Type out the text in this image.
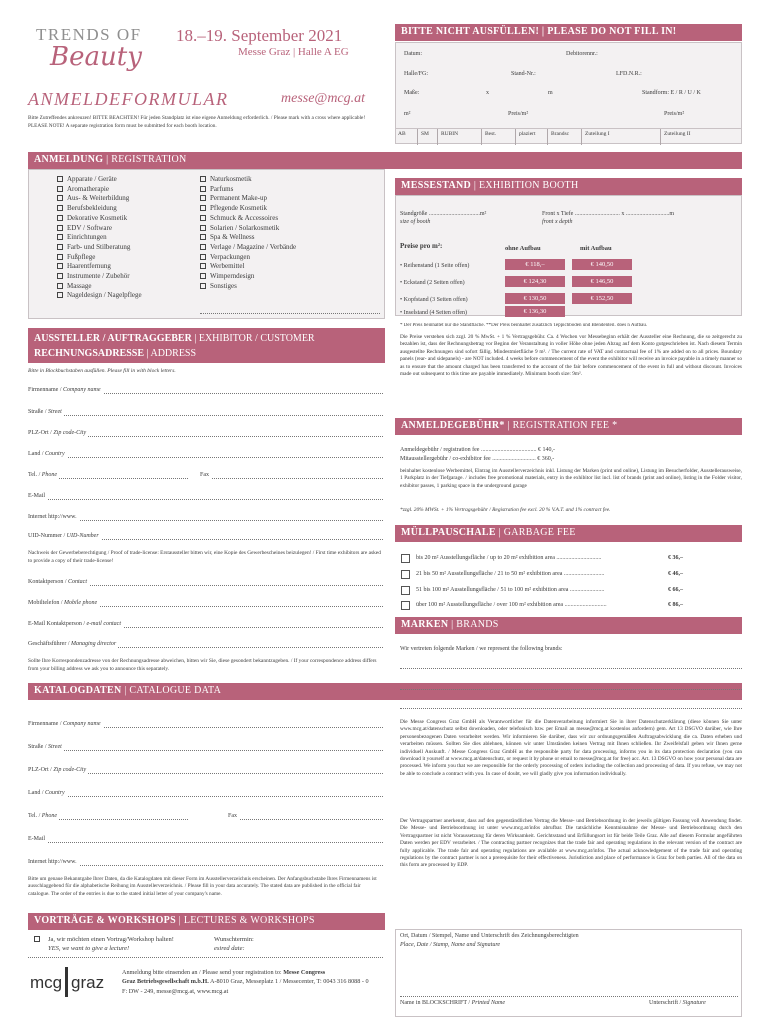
TRENDS OF
Beauty
18.–19. September 2021
Messe Graz | Halle A EG
ANMELDEFORMULAR	messe@mcg.at
Bitte Zutreffendes ankreuzen! BITTE BEACHTEN! Für jeden Standplatz ist eine eigene Anmeldung erforderlich. / Please mark with a cross where applicable! PLEASE NOTE! A separate registration form must be submitted for each booth location.
BITTE NICHT AUSFÜLLEN! | PLEASE DO NOT FILL IN!
Datum:	Debitorennr.:
Halle/FG:	Stand-Nr.:	LFD.N.R.:
Maße:	x	m	Standform: E / R / U / K
m²	Preis/m²	Preis/m²
AB	SM	RUBIN	Best.	plaziert	Brandsc	Zuteilung I	Zuteilung II
ANMELDUNG | REGISTRATION
Apparate / Geräte
Aromatherapie
Aus- & Weiterbildung
Berufsbekleidung
Dekorative Kosmetik
EDV / Software
Einrichtungen
Farb- und Stilberatung
Fußpflege
Haarentfernung
Instrumente / Zubehör
Massage
Nageldesign / Nagelpflege
Naturkosmetik
Parfums
Permanent Make-up
Pflegende Kosmetik
Schmuck & Accessoires
Solarien / Solarkosmetik
Spa & Wellness
Verlage / Magazine / Verbände
Verpackungen
Werbemittel
Wimperndesign
Sonstiges
AUSSTELLER / AUFTRAGGEBER | EXHIBITOR / CUSTOMER
RECHNUNGSADRESSE | ADDRESS
Bitte in Blockbuchstaben ausfüllen. Please fill in with block letters.
Firmenname / Company name
Straße / Street
PLZ-Ort / Zip code-City
Land / Country
Tel. / Phone	Fax
E-Mail
Internet http://www.
UID-Nummer / UID-Number
Nachweis der Gewerbeberechtigung / Proof of trade-license: Erstaussteller bitten wir, eine Kopie des Gewerbescheines beizulegen! / First time exhibitors are asked to provide a copy of their trade-license!
Kontaktperson / Contact
Mobiltelefon / Mobile phone
E-Mail Kontaktperson / e-mail contact
Geschäftsführer / Managing director
Sollte Ihre Korrespondenzadresse von der Rechnungsadresse abweichen, bitten wir Sie, diese gesondert bekanntzugeben. / If your correspondence address differs from your billing address we ask you to announce this separately.
KATALOGDATEN | CATALOGUE DATA
Firmenname / Company name
Straße / Street
PLZ-Ort / Zip code-City
Land / Country
Tel. / Phone	Fax
E-Mail
Internet http://www.
Bitte um genaue Bekanntgabe Ihrer Daten, da die Katalogdaten mit dieser Form im Ausstellerverzeichnis erscheinen. Der Anfangsbuchstabe Ihres Firmennamens ist ausschlaggebend für die alphabetische Reihung im Ausstellerverzeichnis. / Please fill in your data accurately. The stated data are published in the official fair catalogue. The order of the entries is due to the stated initial letter of your company's name.
VORTRÄGE & WORKSHOPS | LECTURES & WORKSHOPS
Ja, wir möchten einen Vortrag/Workshop halten!
YES, we want to give a lecture!
Wunschtermin:
esired date:
mcg graz
Anmeldung bitte einsenden an / Please send your registration to: Messe Congress
Graz Betriebsgesellschaft m.b.H. A-8010 Graz, Messeplatz 1 / Messecenter, T: 0043 316 8088 - 0
F: DW - 249, messe@mcg.at, www.mcg.at
MESSESTAND | EXHIBITION BOOTH
Standgröße ..................................m²
size of booth
Front x Tiefe .............................. x .............................m
front x depth
Preise pro m²:	ohne Aufbau	mit Aufbau
• Reihenstand (1 Seite offen)	€ 118,–	€ 140,50
• Eckstand (2 Seiten offen)	€ 124,30	€ 146,50
• Kopfstand (3 Seiten offen)	€ 130,50	€ 152,50
• Inselstand (4 Seiten offen)	€ 136,30
* Der Preis beinhaltet nur die Standfläche. **Der Preis beinhaltet zusätzlich Teppichboden und Blendenteil. does n Aufbau.
Die Preise verstehen sich zzgl. 20 % MwSt. + 1 % Vertragsgebühr. Ca. 4 Wochen vor Messebeginn erhält der Aussteller eine Rechnung, die so zeitgerecht zu bezahlen ist, dass der Rechnungsbetrag vor Beginn der Veranstaltung in voller Höhe ohne jeden Abzug auf dem Konto gutgeschrieben ist. Nach diesem Termin ausgestellte Rechnungen sind sofort fällig. Mindestmietfläche 9 m². / The current rate of VAT and contractual fee of 1% are added on to all prices. Boundary panels (rear- and sidepanels) - are NOT included. 4 weeks before commencement of the event the exhibitor will receive an invoice payable in a timely manner so as to ensure that the amount charged has been transferred to the account of the fair before commencement of the event in full and without discount. Invoices made out subsequent to this time are payable immediately. Minimum booth size: 9m².
ANMELDEGEBÜHR* | REGISTRATION FEE *
Anmeldegebühr / registration fee ..................................... € 140,-
Mitausstellergebühr / co-exhibitor fee ............................. € 360,-
beinhaltet kostenlose Werbemittel, Eintrag im Ausstellerverzeichnis inkl. Listung der Marken (print und online), Listung im Besucherfolder, Ausstellerausweise, 1 Parkplatz in der Tiefgarage. / includes free promotional materials, entry in the exhibitor list incl. list of brands (print and online), listing in the Folder visitor, exhibitor passes, 1 parking space in the underground garage
*zzgl. 20% MWSt. + 1% Vertragsgebühr / Registration fee excl. 20 % V.A.T. and 1% contract fee.
MÜLLPAUSCHALE | GARBAGE FEE
bis 20 m² Ausstellungsfläche / up to 20 m² exhibition area ..............................	€ 36,–
21 bis 50 m² Ausstellungsfläche / 21 to 50 m² exhibition area ...........................	€ 46,–
51 bis 100 m² Ausstellungsfläche / 51 to 100 m² exhibition area .......................	€ 66,–
über 100 m² Ausstellungsfläche / over 100 m² exhibition area ............................	€ 86,–
MARKEN | BRANDS
Wir vertreten folgende Marken / we represent the following brands:
Die Messe Congress Graz GmbH als Verantwortlicher für die Datenverarbeitung informiert Sie in ihrer Datenschutzerklärung (diese können Sie unter www.mcg.at/datenschutz selbst downloaden, oder telefonisch bzw. per Email an messe@mcg.at kostenlos anfordern) gem. Art 13 DSGVO darüber, wie Ihre personenbezogenen Daten verarbeitet werden. Wir informieren Sie darüber, dass wir zur ordnungsgemäßen Auftragsabwicklung die ca. Daten erheben und verarbeiten müssen. Sollten Sie dies ablehnen, können wir unter Umständen keinen Vertrag mit Ihnen schließen. Ihr Zweifelsfall geben wir Ihnen gerne individuell Auskunft. / Messe Congress Graz GmbH as the responsible party for data processing, informs you in its data protection declaration (you can download it yourself at www.mcg.at/datenschutz, or request it by phone or email to messe@mcg.at for free) acc. Art. 13 DSGVO on how your personal data are processed. We inform you that we are responsible for the orderly processing of orders including the collection and processing of data. If you refuse, we may not be able to conclude a contract with you. In case of doubt, we will gladly give you information individually.
Der Vertragspartner anerkennt, dass auf den gegenständlichen Vertrag die Messe- und Betriebsordnung in der jeweils gültigen Fassung voll Anwendung findet. Die Messe- und Betriebsordnung ist unter www.mcg.at/infos abrufbar. Die tatsächliche Kenntnisnahme der Messe- und Betriebsordnung durch den Vertragspartner ist nicht Voraussetzung für deren Wirksamkeit. Gerichtsstand und Erfüllungsort ist für beide Teile Graz. Alle auf diesem Formular angeführten Daten werden per EDV verarbeitet. / The contracting partner recognizes that the trade fair and operating regulations in the relevant version of the contract are fully applicable. The trade fair and operating regulations are available at www.mcg.at/infos. The actual acknowledgement of the trade fair and operating regulations by the contract partner is not a prerequisite for their effectiveness. Jurisdiction and place of performance is Graz for both parties. All of the data on this form are processed by EDP.
Ort, Datum / Stempel, Name und Unterschrift des Zeichnungsberechtigten
Place, Date / Stamp, Name and Signature
Name in BLOCKSCHRIFT / Printed Name	Unterschrift / Signature
